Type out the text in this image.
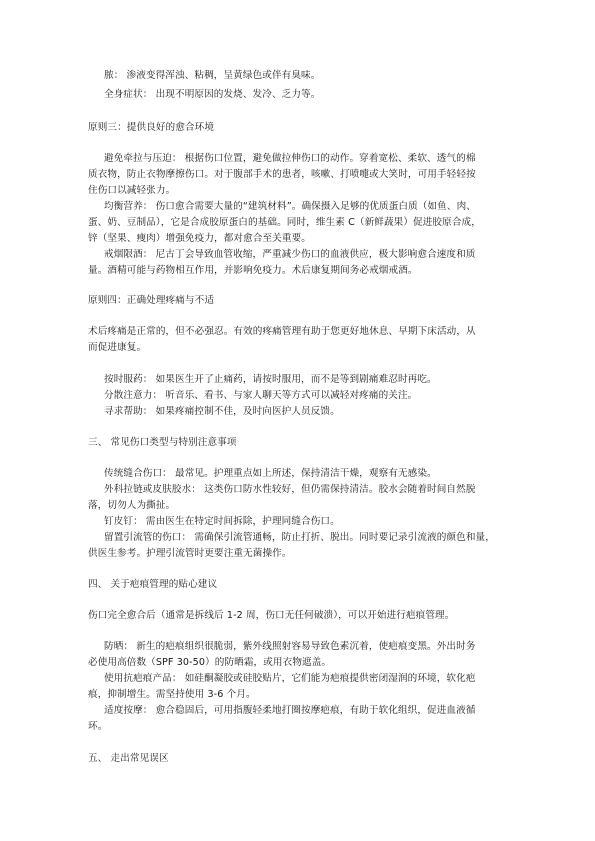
脓： 渗液变得浑浊、粘稠，呈黄绿色或伴有臭味。
全身症状： 出现不明原因的发烧、发冷、乏力等。
原则三：提供良好的愈合环境
避免牵拉与压迫： 根据伤口位置，避免做拉伸伤口的动作。穿着宽松、柔软、透气的棉
质衣物，防止衣物摩擦伤口。对于腹部手术的患者，咳嗽、打喷嚏或大笑时，可用手轻轻按
住伤口以减轻张力。
均衡营养： 伤口愈合需要大量的“建筑材料”。确保摄入足够的优质蛋白质（如鱼、肉、
蛋、奶、豆制品），它是合成胶原蛋白的基础。同时，维生素 C（新鲜蔬果）促进胶原合成，
锌（坚果、瘦肉）增强免疫力，都对愈合至关重要。
戒烟限酒： 尼古丁会导致血管收缩，严重减少伤口的血液供应，极大影响愈合速度和质
量。酒精可能与药物相互作用，并影响免疫力。术后康复期间务必戒烟戒酒。
原则四：正确处理疼痛与不适
术后疼痛是正常的，但不必强忍。有效的疼痛管理有助于您更好地休息、早期下床活动，从
而促进康复。
按时服药： 如果医生开了止痛药，请按时服用，而不是等到剧痛难忍时再吃。
分散注意力： 听音乐、看书、与家人聊天等方式可以减轻对疼痛的关注。
寻求帮助： 如果疼痛控制不佳，及时向医护人员反馈。
三、 常见伤口类型与特别注意事项
传统缝合伤口： 最常见。护理重点如上所述，保持清洁干燥，观察有无感染。
外科拉链或皮肤胶水： 这类伤口防水性较好，但仍需保持清洁。胶水会随着时间自然脱
落，切勿人为撕扯。
钉皮钉： 需由医生在特定时间拆除，护理同缝合伤口。
留置引流管的伤口： 需确保引流管通畅，防止打折、脱出。同时要记录引流液的颜色和量，
供医生参考。护理引流管时更要注重无菌操作。
四、 关于疤痕管理的贴心建议
伤口完全愈合后（通常是拆线后 1-2 周，伤口无任何破溃），可以开始进行疤痕管理。
防晒： 新生的疤痕组织很脆弱，紫外线照射容易导致色素沉着，使疤痕变黑。外出时务
必使用高倍数（SPF 30-50）的防晒霜，或用衣物遮盖。
使用抗疤痕产品： 如硅酮凝胶或硅胶贴片，它们能为疤痕提供密闭湿润的环境，软化疤
痕，抑制增生。需坚持使用 3-6 个月。
适度按摩： 愈合稳固后，可用指腹轻柔地打圈按摩疤痕，有助于软化组织，促进血液循
环。
五、 走出常见误区
